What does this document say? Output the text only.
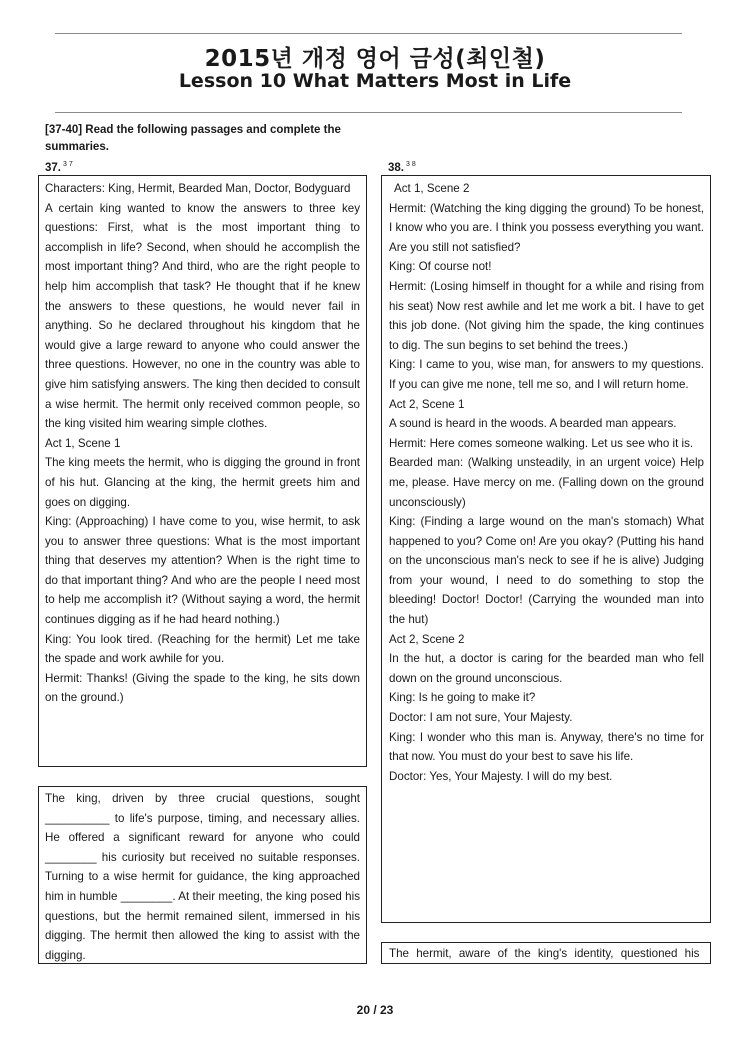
2015년 개정 영어 금성(최인철)
Lesson 10 What Matters Most in Life
[37-40] Read the following passages and complete the summaries.
37. $^{3 7}$	38. $^{3 8}$

Characters: King, Hermit, Bearded Man, Doctor, Bodyguard

A certain king wanted to know the answers to three key questions: First, what is the most important thing to accomplish in life? Second, when should he accomplish the most important thing? And third, who are the right people to help him accomplish that task? He thought that if he knew the answers to these questions, he would never fail in anything. So he declared throughout his kingdom that he would give a large reward to anyone who could answer the three questions. However, no one in the country was able to give him satisfying answers. The king then decided to consult a wise hermit. The hermit only received common people, so the king visited him wearing simple clothes.

Act 1, Scene 1

The king meets the hermit, who is digging the ground in front of his hut. Glancing at the king, the hermit greets him and goes on digging.

King: (Approaching) I have come to you, wise hermit, to ask you to answer three questions: What is the most important thing that deserves my attention? When is the right time to do that important thing? And who are the people I need most to help me accomplish it? (Without saying a word, the hermit continues digging as if he had heard nothing.)

King: You look tired. (Reaching for the hermit) Let me take the spade and work awhile for you.

Hermit: Thanks! (Giving the spade to the king, he sits down on the ground.)

The king, driven by three crucial questions, sought __________ to life's purpose, timing, and necessary allies. He offered a significant reward for anyone who could ________ his curiosity but received no suitable responses. Turning to a wise hermit for guidance, the king approached him in humble ________. At their meeting, the king posed his questions, but the hermit remained silent, immersed in his digging. The hermit then allowed the king to assist with the digging.

Act 1, Scene 2

Hermit: (Watching the king digging the ground) To be honest, I know who you are. I think you possess everything you want. Are you still not satisfied?

King: Of course not!

Hermit: (Losing himself in thought for a while and rising from his seat) Now rest awhile and let me work a bit. I have to get this job done. (Not giving him the spade, the king continues to dig. The sun begins to set behind the trees.)

King: I came to you, wise man, for answers to my questions. If you can give me none, tell me so, and I will return home.

Act 2, Scene 1

A sound is heard in the woods. A bearded man appears.

Hermit: Here comes someone walking. Let us see who it is.

Bearded man: (Walking unsteadily, in an urgent voice) Help me, please. Have mercy on me. (Falling down on the ground unconsciously)

King: (Finding a large wound on the man's stomach) What happened to you? Come on! Are you okay? (Putting his hand on the unconscious man's neck to see if he is alive) Judging from your wound, I need to do something to stop the bleeding! Doctor! Doctor! (Carrying the wounded man into the hut)

Act 2, Scene 2

In the hut, a doctor is caring for the bearded man who fell down on the ground unconscious.

King: Is he going to make it?

Doctor: I am not sure, Your Majesty.

King: I wonder who this man is. Anyway, there's no time for that now. You must do your best to save his life.

Doctor: Yes, Your Majesty. I will do my best.

The hermit, aware of the king's identity, questioned his

20 / 23
